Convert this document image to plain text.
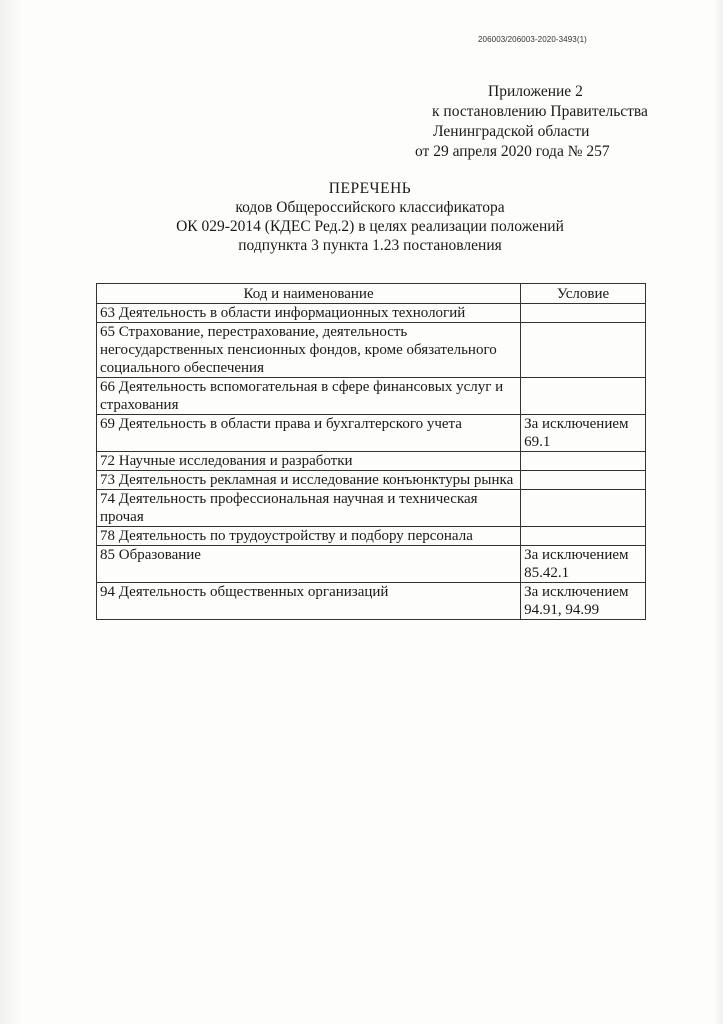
206003/206003-2020-3493(1)
Приложение 2
к постановлению Правительства
Ленинградской области
от 29 апреля 2020 года № 257
ПЕРЕЧЕНЬ
кодов Общероссийского классификатора
ОК 029-2014 (КДЕС Ред.2) в целях реализации положений
подпункта 3 пункта 1.23 постановления
Код и наименование	Условие
63 Деятельность в области информационных технологий	
65 Страхование, перестрахование, деятельность негосударственных пенсионных фондов, кроме обязательного социального обеспечения	
66 Деятельность вспомогательная в сфере финансовых услуг и страхования	
69 Деятельность в области права и бухгалтерского учета	За исключением 69.1
72 Научные исследования и разработки	
73 Деятельность рекламная и исследование конъюнктуры рынка	
74 Деятельность профессиональная научная и техническая прочая	
78 Деятельность по трудоустройству и подбору персонала	
85 Образование	За исключением 85.42.1
94 Деятельность общественных организаций	За исключением 94.91, 94.99
